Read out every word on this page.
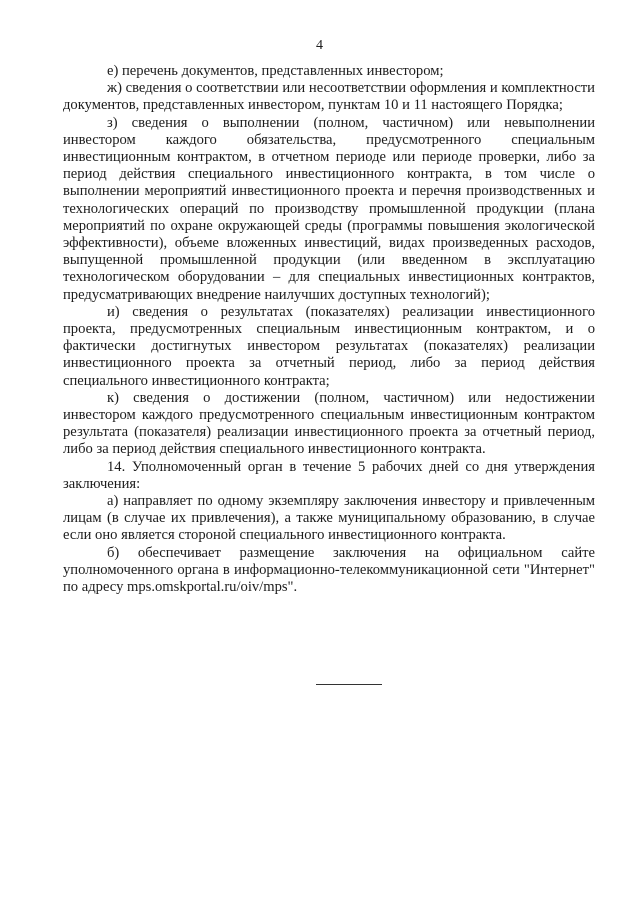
4

е) перечень документов, представленных инвестором;

ж) сведения о соответствии или несоответствии оформления и комплектности документов, представленных инвестором, пунктам 10 и 11 настоящего Порядка;

з) сведения о выполнении (полном, частичном) или невыполнении инвестором каждого обязательства, предусмотренного специальным инвестиционным контрактом, в отчетном периоде или периоде проверки, либо за период действия специального инвестиционного контракта, в том числе о выполнении мероприятий инвестиционного проекта и перечня производственных и технологических операций по производству промышленной продукции (плана мероприятий по охране окружающей среды (программы повышения экологической эффективности), объеме вложенных инвестиций, видах произведенных расходов, выпущенной промышленной продукции (или введенном в эксплуатацию технологическом оборудовании – для специальных инвестиционных контрактов, предусматривающих внедрение наилучших доступных технологий);

и) сведения о результатах (показателях) реализации инвестиционного проекта, предусмотренных специальным инвестиционным контрактом, и о фактически достигнутых инвестором результатах (показателях) реализации инвестиционного проекта за отчетный период, либо за период действия специального инвестиционного контракта;

к) сведения о достижении (полном, частичном) или недостижении инвестором каждого предусмотренного специальным инвестиционным контрактом результата (показателя) реализации инвестиционного проекта за отчетный период, либо за период действия специального инвестиционного контракта.

14. Уполномоченный орган в течение 5 рабочих дней со дня утверждения заключения:

а) направляет по одному экземпляру заключения инвестору и привлеченным лицам (в случае их привлечения), а также муниципальному образованию, в случае если оно является стороной специального инвестиционного контракта.

б) обеспечивает размещение заключения на официальном сайте уполномоченного органа в информационно-телекоммуникационной сети "Интернет" по адресу mps.omskportal.ru/oiv/mps".
